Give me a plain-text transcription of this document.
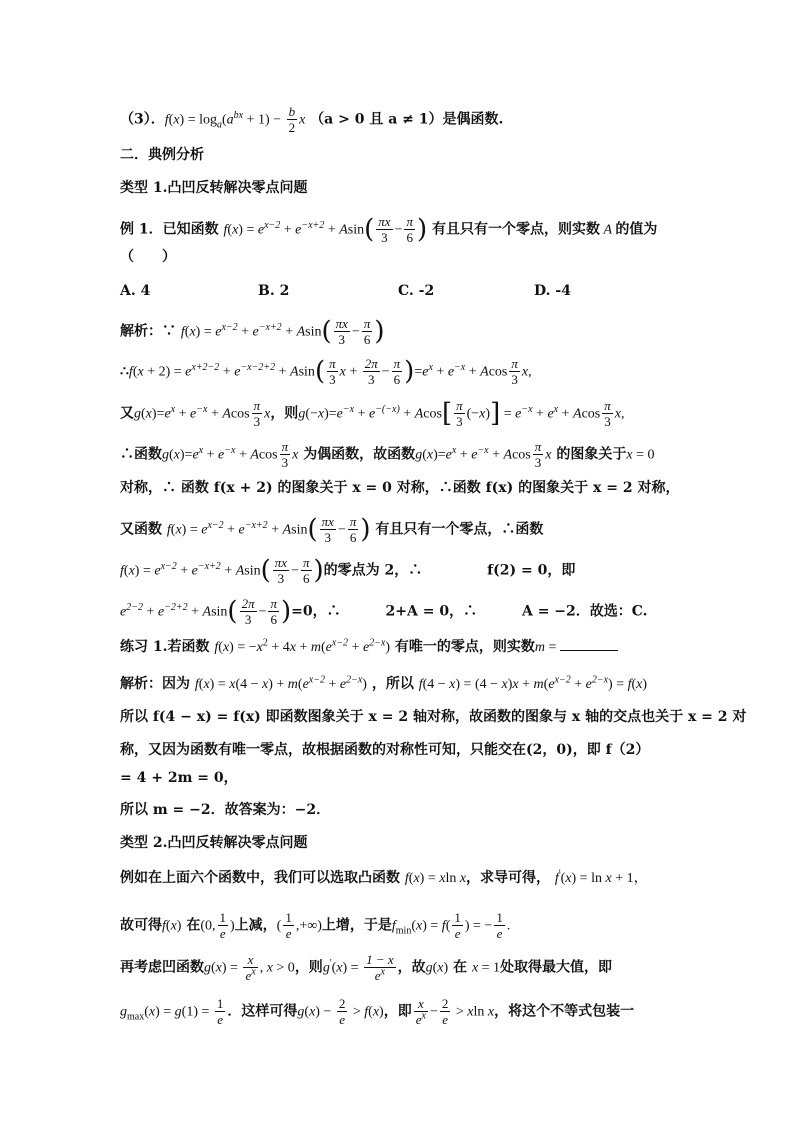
（3）．$f(x) = \log_a(a^{bx} + 1) - \frac{b}{2}$ x （a > 0 且 a ≠ 1）是偶函数.
二．典例分析
类型 1.凸凹反转解决零点问题
例 1．已知函数 $f(x) = e^{x-2} + e^{-x+2} + Asin( \frac{\pi x}{3} - \frac{\pi}{6}$ ) 有且只有一个零点，则实数 A 的值为
（　　）
A. 4	B. 2	C. -2	D. -4
解析：∵ $f(x) = e^{x-2} + e^{-x+2} + Asin( \frac{\pi x}{3} - \frac{\pi}{6}$ )
∴f(x + $2) = e^{x+2-2} + e^{-x-2+2} + Asin( \frac{\pi}{3}$ $x + \frac{2\pi}{3} - \frac{\pi}{6} )=e^x + e^{-x} + Acos \frac{\pi}{3} x$,
又$g(x)=e^x + e^{-x} + Acos \frac{\pi}{3}$ x，则$g(-x)=e^{-x} + e^{-(-x)} + Acos[ \frac{\pi}{3} (-x)] = e^{-x} + e^x + Acos \frac{\pi}{3} x$,
∴函数$g(x)=e^x + e^{-x} + Acos \frac{\pi}{3}$ x 为偶函数，故函数$g(x)=e^x + e^{-x} + Acos \frac{\pi}{3}$ x 的图象关于x = 0
对称，∴ 函数 f(x + 2) 的图象关于 x = 0 对称，∴函数 f(x) 的图象关于 x = 2 对称，
又函数 $f(x) = e^{x-2} + e^{-x+2} + Asin( \frac{\pi x}{3} - \frac{\pi}{6}$ ) 有且只有一个零点，∴函数
$f(x) = e^{x-2} + e^{-x+2} + Asin( \frac{\pi x}{3} - \frac{\pi}{6}$ )的零点为 2，∴	f(2) = 0，即
$e^{2-2} + e^{-2+2} + Asin( \frac{2\pi}{3} - \frac{\pi}{6} )=0$，∴	2+A = 0，∴	A = −2．故选：C.
练习 1.若函数 $f(x) = -x^2 + 4x + m(e^{x-2} + e^{2-x})$ 有唯一的零点，则实数m =
解析：因为 $f(x) = x(4 - x) + m(e^{x-2} + e^{2-x})$ ，所以 $f(4 - x) = (4 - x)x + m(e^{x-2} + e^{2-x}) = f(x)$
所以 f(4 − x) = f(x) 即函数图象关于 x = 2 轴对称，故函数的图象与 x 轴的交点也关于 x = 2 对
称，又因为函数有唯一零点，故根据函数的对称性可知，只能交在(2，0)，即 f（2）
= 4 + 2m = 0，
所以 m = −2．故答案为：−2．
类型 2.凸凹反转解决零点问题
例如在上面六个函数中，我们可以选取凸函数 f(x) = xln x，求导可得， f'(x) = ln x + 1，
故可得f(x) 在(0, $\frac{1}{e}$ )上减，( $\frac{1}{e}$ ,+∞)上增，于是$f_{min}(x) = f( \frac{1}{e}$ ) = − $\frac{1}{e}$ .
再考虑凹函数$g(x) = \frac{x}{e^x}$ , x > 0，则$g'(x) = \frac{1 - x}{e^x}$ ，故g(x) 在 x = 1处取得最大值，即
$g_{max}(x) = g(1) = \frac{1}{e}$ ．这样可得$g(x) - \frac{2}{e} > f(x)$，即 $\frac{x}{e^x} - \frac{2}{e} > xln$ x，将这个不等式包装一
